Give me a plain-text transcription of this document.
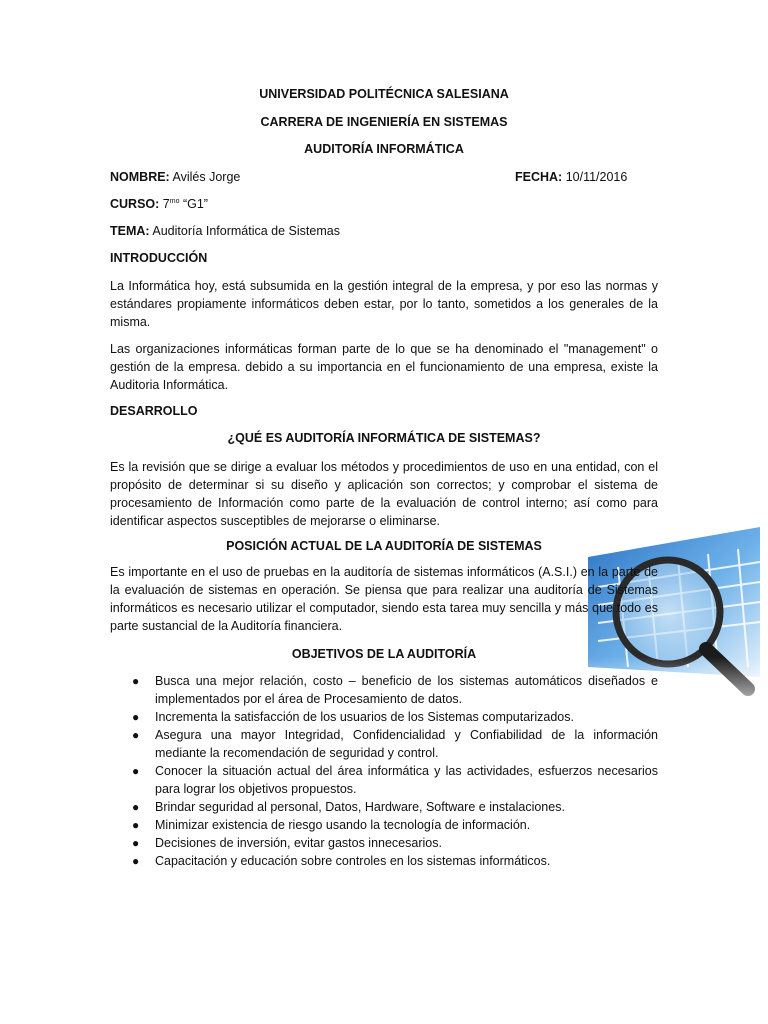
UNIVERSIDAD POLITÉCNICA SALESIANA
CARRERA DE INGENIERÍA EN SISTEMAS
AUDITORÍA INFORMÁTICA
NOMBRE: Avilés Jorge	FECHA: 10/11/2016
CURSO: $7^{mo}$ “G1”
TEMA: Auditoría Informática de Sistemas
INTRODUCCIÓN

La Informática hoy, está subsumida en la gestión integral de la empresa, y por eso las normas y estándares propiamente informáticos deben estar, por lo tanto, sometidos a los generales de la misma.

Las organizaciones informáticas forman parte de lo que se ha denominado el "management" o gestión de la empresa. debido a su importancia en el funcionamiento de una empresa, existe la Auditoria Informática.

DESARROLLO
¿QUÉ ES AUDITORÍA INFORMÁTICA DE SISTEMAS?

Es la revisión que se dirige a evaluar los métodos y procedimientos de uso en una entidad, con el propósito de determinar si su diseño y aplicación son correctos; y comprobar el sistema de procesamiento de Información como parte de la evaluación de control interno; así como para identificar aspectos susceptibles de mejorarse o eliminarse.

POSICIÓN ACTUAL DE LA AUDITORÍA DE SISTEMAS

Es importante en el uso de pruebas en la auditoría de sistemas informáticos (A.S.I.) en la parte de la evaluación de sistemas en operación. Se piensa que para realizar una auditoría de Sistemas informáticos es necesario utilizar el computador, siendo esta tarea muy sencilla y más que todo es parte sustancial de la Auditoría financiera.

OBJETIVOS DE LA AUDITORÍA
● Busca una mejor relación, costo – beneficio de los sistemas automáticos diseñados e implementados por el área de Procesamiento de datos.
● Incrementa la satisfacción de los usuarios de los Sistemas computarizados.
● Asegura una mayor Integridad, Confidencialidad y Confiabilidad de la información mediante la recomendación de seguridad y control.
● Conocer la situación actual del área informática y las actividades, esfuerzos necesarios para lograr los objetivos propuestos.
● Brindar seguridad al personal, Datos, Hardware, Software e instalaciones.
● Minimizar existencia de riesgo usando la tecnología de información.
● Decisiones de inversión, evitar gastos innecesarios.
● Capacitación y educación sobre controles en los sistemas informáticos.
